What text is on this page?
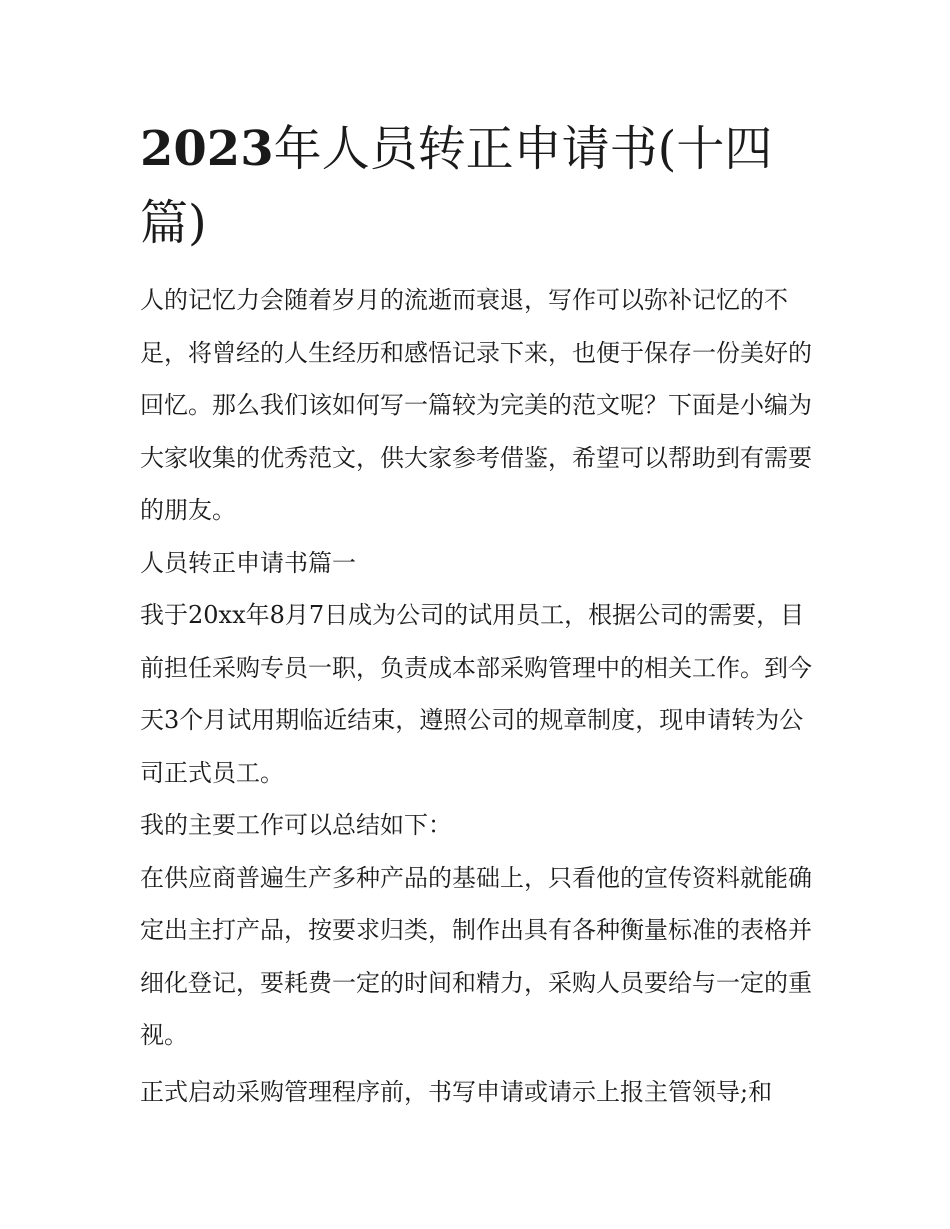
2023年人员转正申请书(十四篇)

人的记忆力会随着岁月的流逝而衰退，写作可以弥补记忆的不足，将曾经的人生经历和感悟记录下来，也便于保存一份美好的回忆。那么我们该如何写一篇较为完美的范文呢？下面是小编为大家收集的优秀范文，供大家参考借鉴，希望可以帮助到有需要的朋友。

人员转正申请书篇一

我于20xx年8月7日成为公司的试用员工，根据公司的需要，目前担任采购专员一职，负责成本部采购管理中的相关工作。到今天3个月试用期临近结束，遵照公司的规章制度，现申请转为公司正式员工。

我的主要工作可以总结如下：

在供应商普遍生产多种产品的基础上，只看他的宣传资料就能确定出主打产品，按要求归类，制作出具有各种衡量标准的表格并细化登记，要耗费一定的时间和精力，采购人员要给与一定的重视。

正式启动采购管理程序前，书写申请或请示上报主管领导;和
